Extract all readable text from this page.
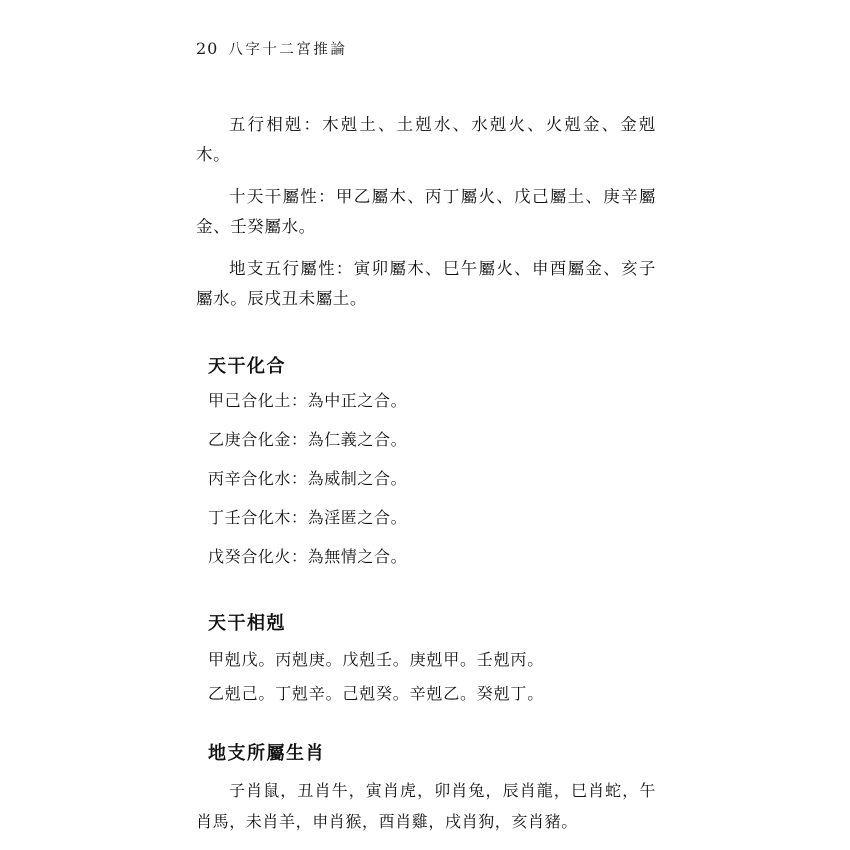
20 八字十二宮推論

五行相剋：木剋土、土剋水、水剋火、火剋金、金剋木。

十天干屬性：甲乙屬木、丙丁屬火、戊己屬土、庚辛屬金、壬癸屬水。

地支五行屬性：寅卯屬木、巳午屬火、申酉屬金、亥子屬水。辰戌丑未屬土。

天干化合

甲己合化土：為中正之合。

乙庚合化金：為仁義之合。

丙辛合化水：為威制之合。

丁壬合化木：為淫匿之合。

戊癸合化火：為無情之合。

天干相剋

甲剋戊。丙剋庚。戊剋壬。庚剋甲。壬剋丙。

乙剋己。丁剋辛。己剋癸。辛剋乙。癸剋丁。

地支所屬生肖

子肖鼠，丑肖牛，寅肖虎，卯肖兔，辰肖龍，巳肖蛇，午肖馬，未肖羊，申肖猴，酉肖雞，戌肖狗，亥肖豬。
